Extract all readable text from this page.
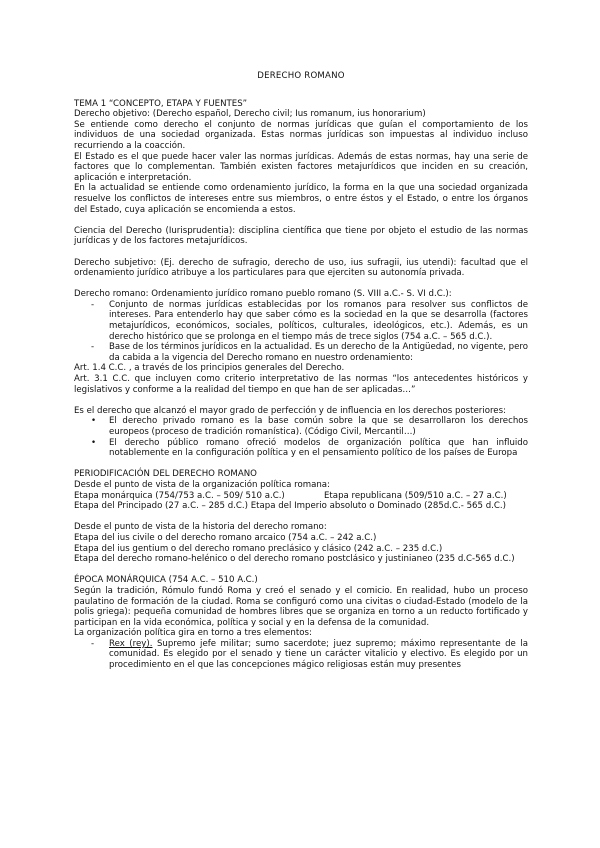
DERECHO ROMANO

TEMA 1 “CONCEPTO, ETAPA Y FUENTES”

Derecho objetivo: (Derecho español, Derecho civil; Ius romanum, ius honorarium)

Se entiende como derecho el conjunto de normas jurídicas que guían el comportamiento de los individuos de una sociedad organizada. Estas normas jurídicas son impuestas al individuo incluso recurriendo a la coacción.

El Estado es el que puede hacer valer las normas jurídicas. Además de estas normas, hay una serie de factores que lo complementan. También existen factores metajurídicos que inciden en su creación, aplicación e interpretación.

En la actualidad se entiende como ordenamiento jurídico, la forma en la que una sociedad organizada resuelve los conflictos de intereses entre sus miembros, o entre éstos y el Estado, o entre los órganos del Estado, cuya aplicación se encomienda a estos.

Ciencia del Derecho (Iurisprudentia): disciplina científica que tiene por objeto el estudio de las normas jurídicas y de los factores metajurídicos.

Derecho subjetivo: (Ej. derecho de sufragio, derecho de uso, ius sufragii, ius utendi): facultad que el ordenamiento jurídico atribuye a los particulares para que ejerciten su autonomía privada.

Derecho romano: Ordenamiento jurídico romano pueblo romano (S. VIII a.C.- S. VI d.C.):

- Conjunto de normas jurídicas establecidas por los romanos para resolver sus conflictos de intereses. Para entenderlo hay que saber cómo es la sociedad en la que se desarrolla (factores metajurídicos, económicos, sociales, políticos, culturales, ideológicos, etc.). Además, es un derecho histórico que se prolonga en el tiempo más de trece siglos (754 a.C. – 565 d.C.).
- Base de los términos jurídicos en la actualidad. Es un derecho de la Antigüedad, no vigente, pero da cabida a la vigencia del Derecho romano en nuestro ordenamiento:

Art. 1.4 C.C. , a través de los principios generales del Derecho.

Art. 3.1 C.C. que incluyen como criterio interpretativo de las normas “los antecedentes históricos y legislativos y conforme a la realidad del tiempo en que han de ser aplicadas…”

Es el derecho que alcanzó el mayor grado de perfección y de influencia en los derechos posteriores:

• El derecho privado romano es la base común sobre la que se desarrollaron los derechos europeos (proceso de tradición romanística). (Código Civil, Mercantil…)
• El derecho público romano ofreció modelos de organización política que han influido notablemente en la configuración política y en el pensamiento político de los países de Europa

PERIODIFICACIÓN DEL DERECHO ROMANO

Desde el punto de vista de la organización política romana:

Etapa monárquica (754/753 a.C. – 509/ 510 a.C.)	Etapa republicana (509/510 a.C. – 27 a.C.)

Etapa del Principado (27 a.C. – 285 d.C.) Etapa del Imperio absoluto o Dominado (285d.C.- 565 d.C.)

Desde el punto de vista de la historia del derecho romano:

Etapa del ius civile o del derecho romano arcaico (754 a.C. – 242 a.C.)

Etapa del ius gentium o del derecho romano preclásico y clásico (242 a.C. – 235 d.C.)

Etapa del derecho romano-helénico o del derecho romano postclásico y justinianeo (235 d.C-565 d.C.)

ÉPOCA MONÁRQUICA (754 A.C. – 510 A.C.)

Según la tradición, Rómulo fundó Roma y creó el senado y el comicio. En realidad, hubo un proceso paulatino de formación de la ciudad. Roma se configuró como una civitas o ciudad-Estado (modelo de la polis griega): pequeña comunidad de hombres libres que se organiza en torno a un reducto fortificado y participan en la vida económica, política y social y en la defensa de la comunidad.

La organización política gira en torno a tres elementos:

- Rex (rey). Supremo jefe militar; sumo sacerdote; juez supremo; máximo representante de la comunidad. Es elegido por el senado y tiene un carácter vitalicio y electivo. Es elegido por un procedimiento en el que las concepciones mágico religiosas están muy presentes
